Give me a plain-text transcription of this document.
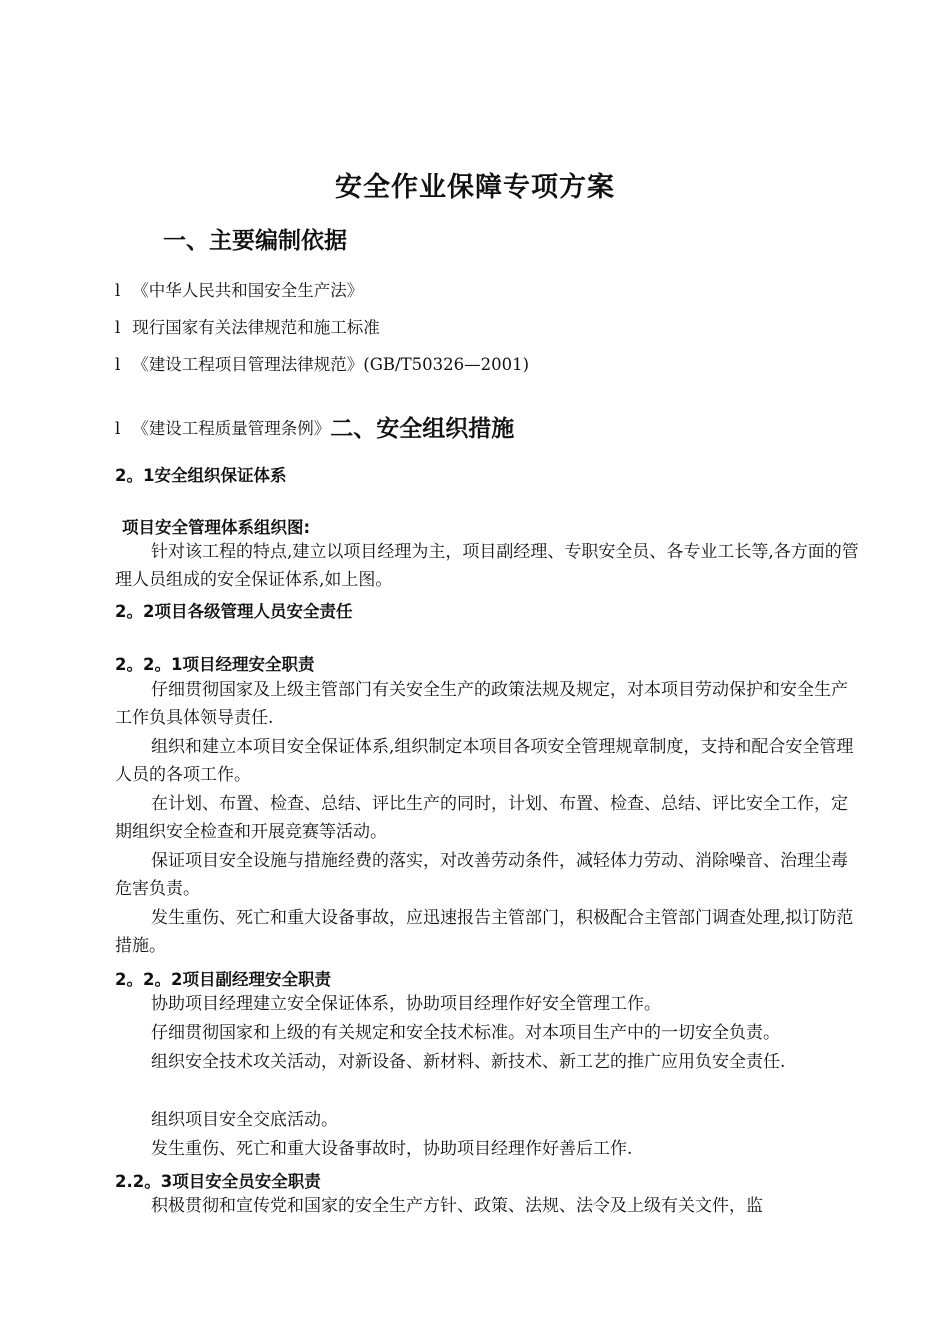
安全作业保障专项方案
一、主要编制依据
l 《中华人民共和国安全生产法》
l 现行国家有关法律规范和施工标准
l 《建设工程项目管理法律规范》(GB/T50326—2001)
l 《建设工程质量管理条例》二、安全组织措施
2。1安全组织保证体系
项目安全管理体系组织图:
针对该工程的特点,建立以项目经理为主，项目副经理、专职安全员、各专业工长等,各方面的管理人员组成的安全保证体系,如上图。
2。2项目各级管理人员安全责任
2。2。1项目经理安全职责
仔细贯彻国家及上级主管部门有关安全生产的政策法规及规定，对本项目劳动保护和安全生产工作负具体领导责任.
组织和建立本项目安全保证体系,组织制定本项目各项安全管理规章制度，支持和配合安全管理人员的各项工作。
在计划、布置、检查、总结、评比生产的同时，计划、布置、检查、总结、评比安全工作，定期组织安全检查和开展竞赛等活动。
保证项目安全设施与措施经费的落实，对改善劳动条件，减轻体力劳动、消除噪音、治理尘毒危害负责。
发生重伤、死亡和重大设备事故，应迅速报告主管部门，积极配合主管部门调查处理,拟订防范措施。
2。2。2项目副经理安全职责
协助项目经理建立安全保证体系，协助项目经理作好安全管理工作。
仔细贯彻国家和上级的有关规定和安全技术标准。对本项目生产中的一切安全负责。
组织安全技术攻关活动，对新设备、新材料、新技术、新工艺的推广应用负安全责任.
组织项目安全交底活动。
发生重伤、死亡和重大设备事故时，协助项目经理作好善后工作.
2.2。3项目安全员安全职责
积极贯彻和宣传党和国家的安全生产方针、政策、法规、法令及上级有关文件，监
